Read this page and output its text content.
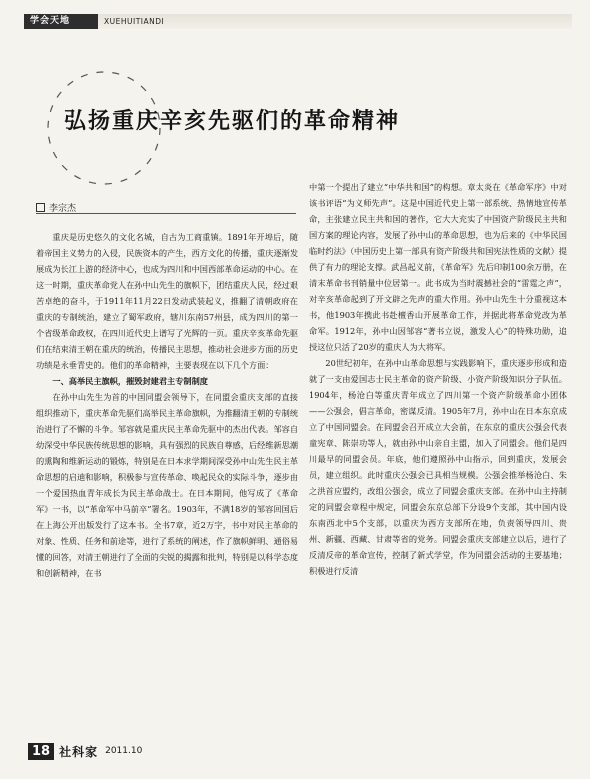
学会天地	XUEHUITIANDI
弘扬重庆辛亥先驱们的革命精神
李宗杰

重庆是历史悠久的文化名城，自古为工商重镇。1891年开埠后，随着帝国主义势力的入侵，民族资本的产生，西方文化的传播，重庆逐渐发展成为长江上游的经济中心，也成为四川和中国西部革命运动的中心。在这一时期，重庆革命党人在孙中山先生的旗帜下，团结重庆人民，经过艰苦卓绝的奋斗，于1911年11月22日发动武装起义，推翻了清朝政府在重庆的专制统治，建立了蜀军政府，辖川东南57州县，成为四川的第一个省级革命政权，在四川近代史上谱写了光辉的一页。重庆辛亥革命先驱们在结束清王朝在重庆的统治，传播民主思想，推动社会进步方面的历史功绩是永垂青史的。他们的革命精神，主要表现在以下几个方面：

一、高举民主旗帜，摧毁封建君主专制制度

在孙中山先生为首的中国同盟会领导下，在同盟会重庆支部的直接组织推动下，重庆革命先驱们高举民主革命旗帜，为推翻清王朝的专制统治进行了不懈的斗争。邹容就是重庆民主革命先驱中的杰出代表。邹容自幼深受中华民族传统思想的影响，具有强烈的民族自尊感，后经维新思潮的熏陶和维新运动的锻炼，特别是在日本求学期间深受孙中山先生民主革命思想的启迪和影响，积极参与宣传革命、唤起民众的实际斗争，逐步由一个爱国热血青年成长为民主革命战士。在日本期间，他写成了《革命军》一书，以“革命军中马前卒”署名。1903年，不满18岁的邹容回国后在上海公开出版发行了这本书。全书7章，近2万字，书中对民主革命的对象、性质、任务和前途等，进行了系统的阐述，作了旗帜鲜明、通俗易懂的回答，对清王朝进行了全面的尖锐的揭露和批判，特别是以科学态度和创新精神，在书

中第一个提出了建立“中华共和国”的构想。章太炎在《革命军序》中对该书评语“为义师先声”。这是中国近代史上第一部系统、热情地宣传革命，主张建立民主共和国的著作，它大大充实了中国资产阶级民主共和国方案的理论内容，发展了孙中山的革命思想，也为后来的《中华民国临时约法》（中国历史上第一部具有资产阶级共和国宪法性质的文献）提供了有力的理论支撑。武昌起义前，《革命军》先后印制100余万册，在清末革命书刊销量中位居第一。此书成为当时震撼社会的“雷霆之声”，对辛亥革命起到了开文辟之先声的重大作用。孙中山先生十分重视这本书，他1903年携此书赴檀香山开展革命工作，并据此将革命党改为革命军。1912年，孙中山因邹容“著书立说，激发人心”的特殊功勋，追授这位只活了20岁的重庆人为大将军。

20世纪初年，在孙中山革命思想与实践影响下，重庆逐步形成和造就了一支由爱国志士民主革命的资产阶级、小资产阶级知识分子队伍。1904年，杨沧白等重庆青年成立了四川第一个资产阶级革命小团体——公强会，倡言革命，密谋反清。1905年7月，孙中山在日本东京成立了中国同盟会。在同盟会召开成立大会前，在东京的重庆公强会代表童宪章、陈崇功等人，就由孙中山亲自主盟，加入了同盟会。他们是四川最早的同盟会员。年底，他们遵照孙中山指示，回到重庆，发展会员，建立组织。此时重庆公强会已具相当规模。公强会推举杨沧白、朱之洪首应盟约，改组公强会，成立了同盟会重庆支部。在孙中山主持制定的同盟会章程中规定，同盟会东京总部下分设9个支部，其中国内设东南西北中5个支部，以重庆为西方支部所在地，负责领导四川、贵州、新疆、西藏、甘肃等省的党务。同盟会重庆支部建立以后，进行了反清反帝的革命宣传，控制了新式学堂，作为同盟会活动的主要基地；积极进行反清

18 社科家 2011.10
